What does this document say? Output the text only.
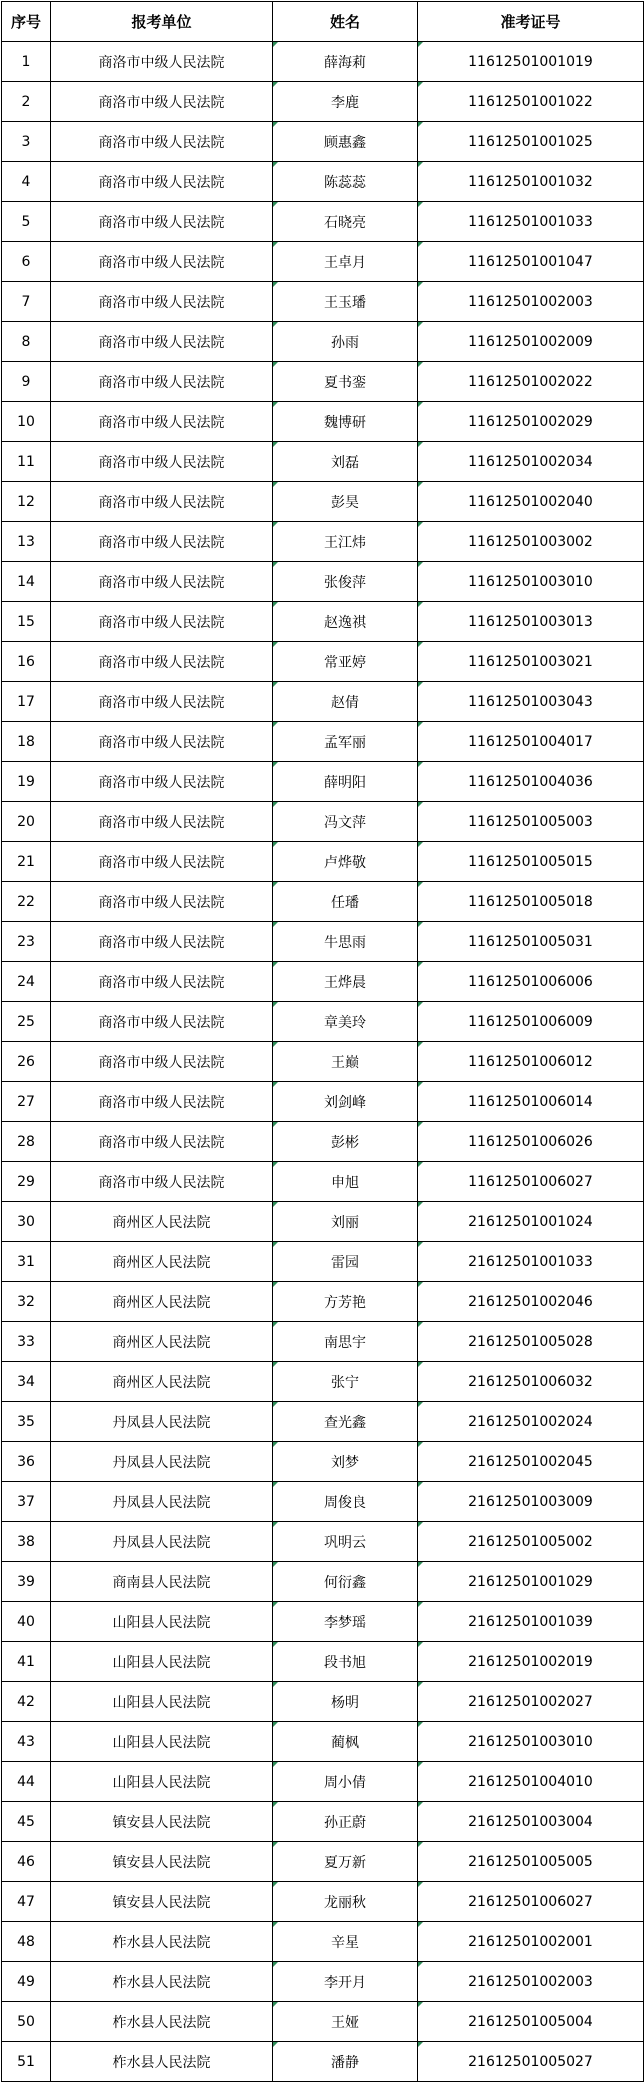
序号	报考单位	姓名	准考证号
1	商洛市中级人民法院	薛海莉	11612501001019
2	商洛市中级人民法院	李鹿	11612501001022
3	商洛市中级人民法院	顾惠鑫	11612501001025
4	商洛市中级人民法院	陈蕊蕊	11612501001032
5	商洛市中级人民法院	石晓亮	11612501001033
6	商洛市中级人民法院	王卓月	11612501001047
7	商洛市中级人民法院	王玉璠	11612501002003
8	商洛市中级人民法院	孙雨	11612501002009
9	商洛市中级人民法院	夏书銮	11612501002022
10	商洛市中级人民法院	魏博研	11612501002029
11	商洛市中级人民法院	刘磊	11612501002034
12	商洛市中级人民法院	彭昊	11612501002040
13	商洛市中级人民法院	王江炜	11612501003002
14	商洛市中级人民法院	张俊萍	11612501003010
15	商洛市中级人民法院	赵逸祺	11612501003013
16	商洛市中级人民法院	常亚婷	11612501003021
17	商洛市中级人民法院	赵倩	11612501003043
18	商洛市中级人民法院	孟军丽	11612501004017
19	商洛市中级人民法院	薛明阳	11612501004036
20	商洛市中级人民法院	冯文萍	11612501005003
21	商洛市中级人民法院	卢烨敬	11612501005015
22	商洛市中级人民法院	任璠	11612501005018
23	商洛市中级人民法院	牛思雨	11612501005031
24	商洛市中级人民法院	王烨晨	11612501006006
25	商洛市中级人民法院	章美玲	11612501006009
26	商洛市中级人民法院	王巅	11612501006012
27	商洛市中级人民法院	刘剑峰	11612501006014
28	商洛市中级人民法院	彭彬	11612501006026
29	商洛市中级人民法院	申旭	11612501006027
30	商州区人民法院	刘丽	21612501001024
31	商州区人民法院	雷园	21612501001033
32	商州区人民法院	方芳艳	21612501002046
33	商州区人民法院	南思宇	21612501005028
34	商州区人民法院	张宁	21612501006032
35	丹凤县人民法院	查光鑫	21612501002024
36	丹凤县人民法院	刘梦	21612501002045
37	丹凤县人民法院	周俊良	21612501003009
38	丹凤县人民法院	巩明云	21612501005002
39	商南县人民法院	何衍鑫	21612501001029
40	山阳县人民法院	李梦瑶	21612501001039
41	山阳县人民法院	段书旭	21612501002019
42	山阳县人民法院	杨明	21612501002027
43	山阳县人民法院	蔺枫	21612501003010
44	山阳县人民法院	周小倩	21612501004010
45	镇安县人民法院	孙正蔚	21612501003004
46	镇安县人民法院	夏万新	21612501005005
47	镇安县人民法院	龙丽秋	21612501006027
48	柞水县人民法院	辛星	21612501002001
49	柞水县人民法院	李开月	21612501002003
50	柞水县人民法院	王娅	21612501005004
51	柞水县人民法院	潘静	21612501005027
